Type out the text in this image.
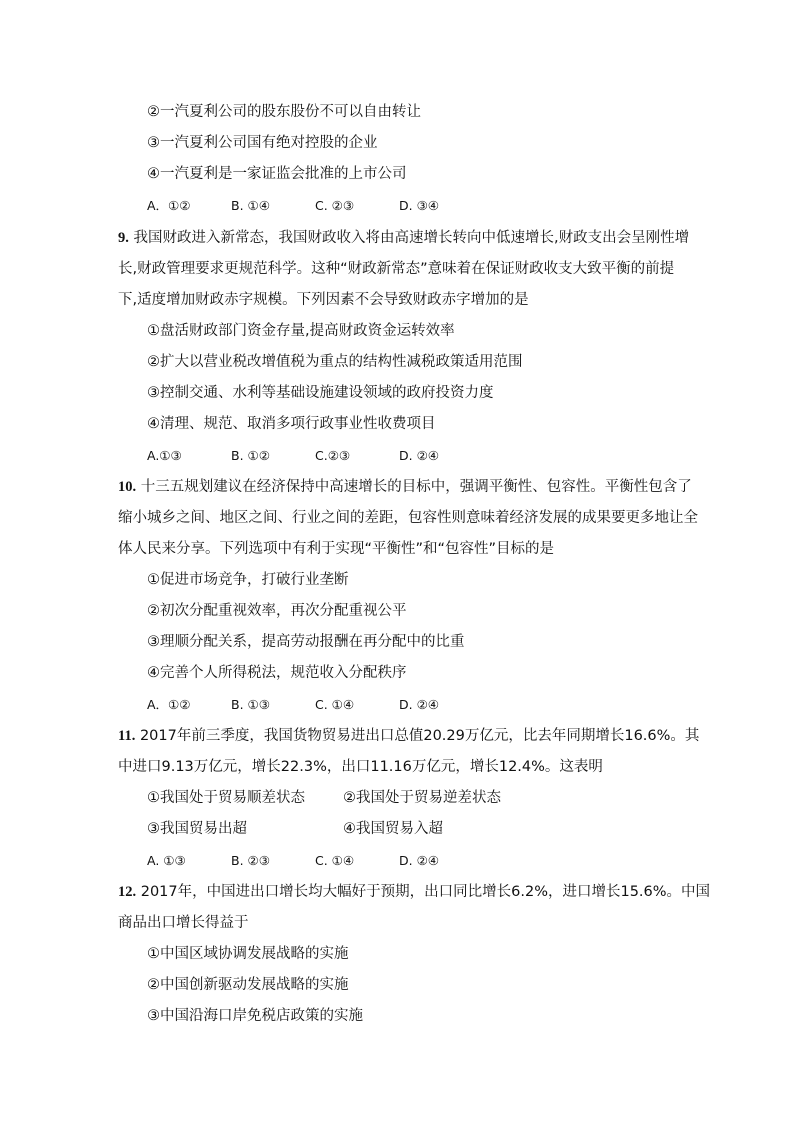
②一汽夏利公司的股东股份不可以自由转让
③一汽夏利公司国有绝对控股的企业
④一汽夏利是一家证监会批准的上市公司
A．①②	B. ①④	C. ②③	D. ③④
9. 我国财政进入新常态，我国财政收入将由高速增长转向中低速增长,财政支出会呈刚性增
长,财政管理要求更规范科学。这种“财政新常态”意味着在保证财政收支大致平衡的前提
下,适度增加财政赤字规模。下列因素不会导致财政赤字增加的是
①盘活财政部门资金存量,提高财政资金运转效率
②扩大以营业税改增值税为重点的结构性减税政策适用范围
③控制交通、水利等基础设施建设领域的政府投资力度
④清理、规范、取消多项行政事业性收费项目
A.①③	B. ①②	C.②③	D. ②④
10. 十三五规划建议在经济保持中高速增长的目标中，强调平衡性、包容性。平衡性包含了
缩小城乡之间、地区之间、行业之间的差距，包容性则意味着经济发展的成果要更多地让全
体人民来分享。下列选项中有利于实现“平衡性”和“包容性”目标的是
①促进市场竞争，打破行业垄断
②初次分配重视效率，再次分配重视公平
③理顺分配关系，提高劳动报酬在再分配中的比重
④完善个人所得税法，规范收入分配秩序
A．①②	B. ①③	C. ①④	D. ②④
11. 2017年前三季度，我国货物贸易进出口总值20.29万亿元，比去年同期增长16.6%。其
中进口9.13万亿元，增长22.3%，出口11.16万亿元，增长12.4%。这表明
①我国处于贸易顺差状态	②我国处于贸易逆差状态
③我国贸易出超	④我国贸易入超
A. ①③	B. ②③	C. ①④	D. ②④
12. 2017年，中国进出口增长均大幅好于预期，出口同比增长6.2%，进口增长15.6%。中国
商品出口增长得益于
①中国区域协调发展战略的实施
②中国创新驱动发展战略的实施
③中国沿海口岸免税店政策的实施
